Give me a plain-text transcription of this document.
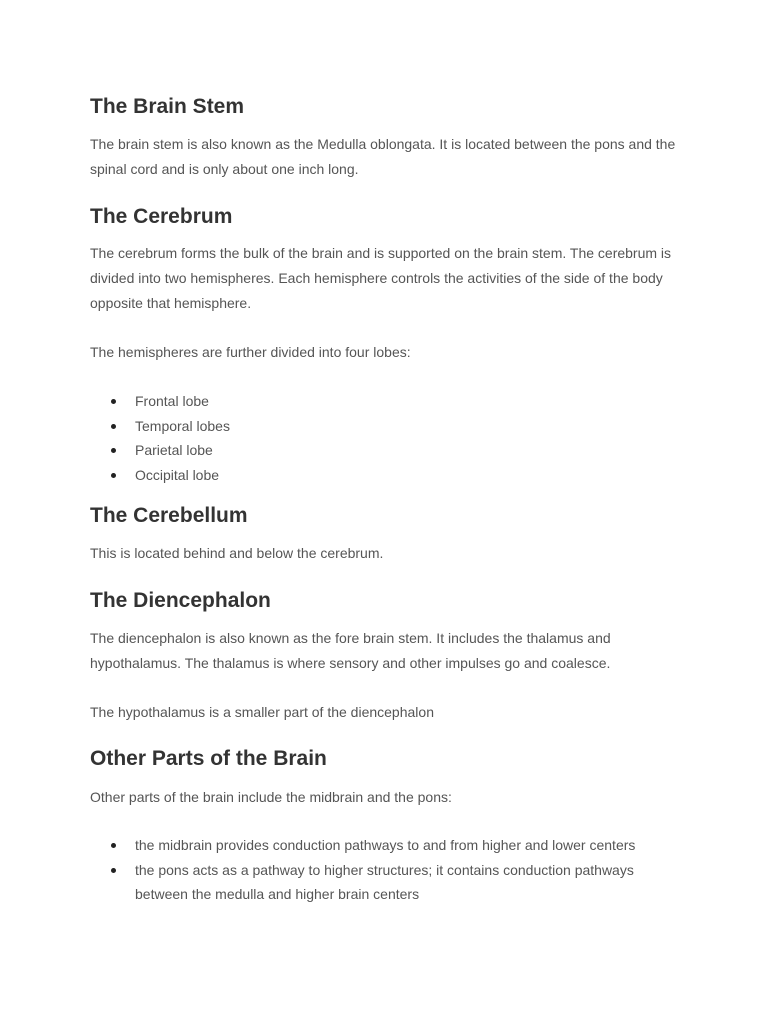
The Brain Stem

The brain stem is also known as the Medulla oblongata. It is located between the pons and the spinal cord and is only about one inch long.

The Cerebrum

The cerebrum forms the bulk of the brain and is supported on the brain stem. The cerebrum is divided into two hemispheres. Each hemisphere controls the activities of the side of the body opposite that hemisphere.

The hemispheres are further divided into four lobes:

Frontal lobe
Temporal lobes
Parietal lobe
Occipital lobe
The Cerebellum

This is located behind and below the cerebrum.

The Diencephalon

The diencephalon is also known as the fore brain stem. It includes the thalamus and hypothalamus. The thalamus is where sensory and other impulses go and coalesce.

The hypothalamus is a smaller part of the diencephalon

Other Parts of the Brain

Other parts of the brain include the midbrain and the pons:

the midbrain provides conduction pathways to and from higher and lower centers
the pons acts as a pathway to higher structures; it contains conduction pathways between the medulla and higher brain centers
